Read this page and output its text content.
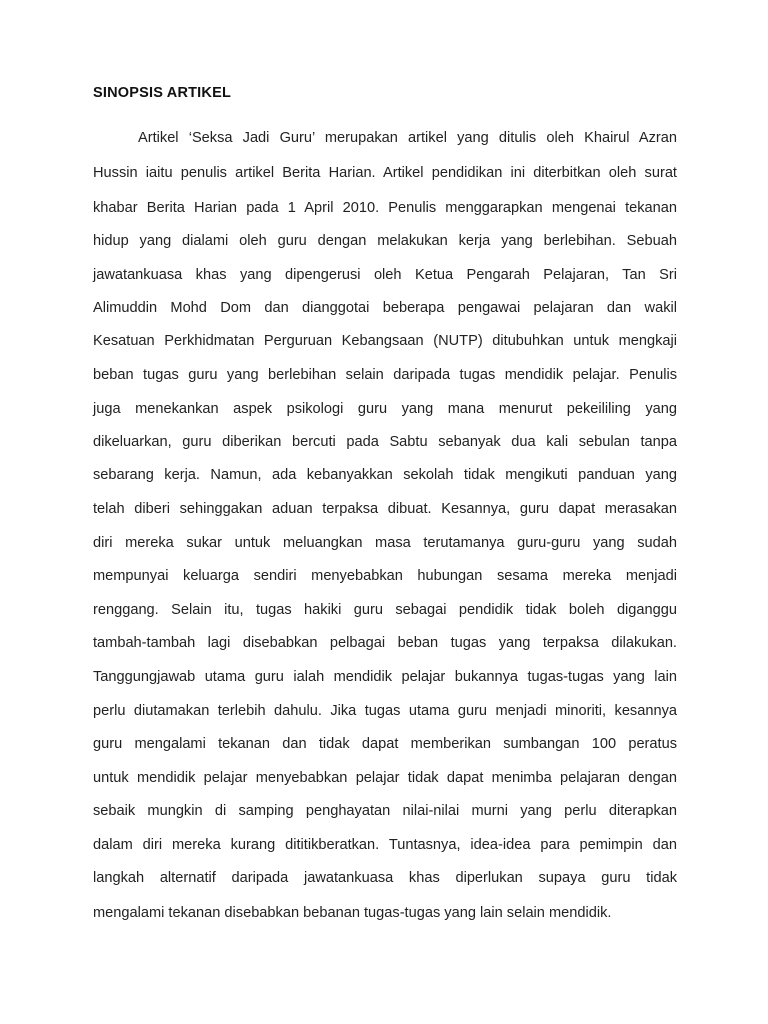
SINOPSIS ARTIKEL

Artikel ‘Seksa Jadi Guru’ merupakan artikel yang ditulis oleh Khairul Azran

Hussin iaitu penulis artikel Berita Harian. Artikel pendidikan ini diterbitkan oleh surat

khabar Berita Harian pada 1 April 2010. Penulis menggarapkan mengenai tekanan

hidup yang dialami oleh guru dengan melakukan kerja yang berlebihan. Sebuah

jawatankuasa khas yang dipengerusi oleh Ketua Pengarah Pelajaran, Tan Sri

Alimuddin Mohd Dom dan dianggotai beberapa pengawai pelajaran dan wakil

Kesatuan Perkhidmatan Perguruan Kebangsaan (NUTP) ditubuhkan untuk mengkaji

beban tugas guru yang berlebihan selain daripada tugas mendidik pelajar. Penulis

juga menekankan aspek psikologi guru yang mana menurut pekeililing yang

dikeluarkan, guru diberikan bercuti pada Sabtu sebanyak dua kali sebulan tanpa

sebarang kerja. Namun, ada kebanyakkan sekolah tidak mengikuti panduan yang

telah diberi sehinggakan aduan terpaksa dibuat. Kesannya, guru dapat merasakan

diri mereka sukar untuk meluangkan masa terutamanya guru-guru yang sudah

mempunyai keluarga sendiri menyebabkan hubungan sesama mereka menjadi

renggang. Selain itu, tugas hakiki guru sebagai pendidik tidak boleh diganggu

tambah-tambah lagi disebabkan pelbagai beban tugas yang terpaksa dilakukan.

Tanggungjawab utama guru ialah mendidik pelajar bukannya tugas-tugas yang lain

perlu diutamakan terlebih dahulu. Jika tugas utama guru menjadi minoriti, kesannya

guru mengalami tekanan dan tidak dapat memberikan sumbangan 100 peratus

untuk mendidik pelajar menyebabkan pelajar tidak dapat menimba pelajaran dengan

sebaik mungkin di samping penghayatan nilai-nilai murni yang perlu diterapkan

dalam diri mereka kurang dititikberatkan. Tuntasnya, idea-idea para pemimpin dan

langkah alternatif daripada jawatankuasa khas diperlukan supaya guru tidak

mengalami tekanan disebabkan bebanan tugas-tugas yang lain selain mendidik.
